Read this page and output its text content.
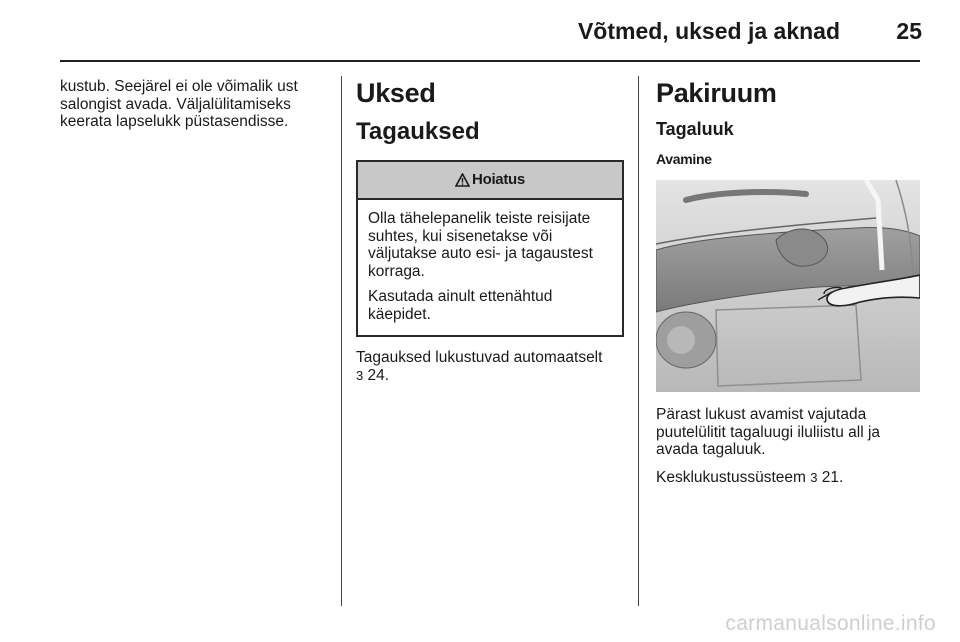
Võtmed, uksed ja aknad 25
kustub. Seejärel ei ole võimalik ust
salongist avada. Väljalülitamiseks
keerata lapselukk püstasendisse.
Uksed
Tagauksed
Hoiatus

Olla tähelepanelik teiste reisijate
suhtes, kui sisenetakse või
väljutakse auto esi- ja tagaustest
korraga.

Kasutada ainult ettenähtud
käepidet.

Tagauksed lukustuvad automaatselt
3 24.

Pakiruum
Tagaluuk
Avamine

Pärast lukust avamist vajutada
puutelülitit tagaluugi iluliistu all ja
avada tagaluuk.

Kesklukustussüsteem 3 21.

carmanualsonline.info
